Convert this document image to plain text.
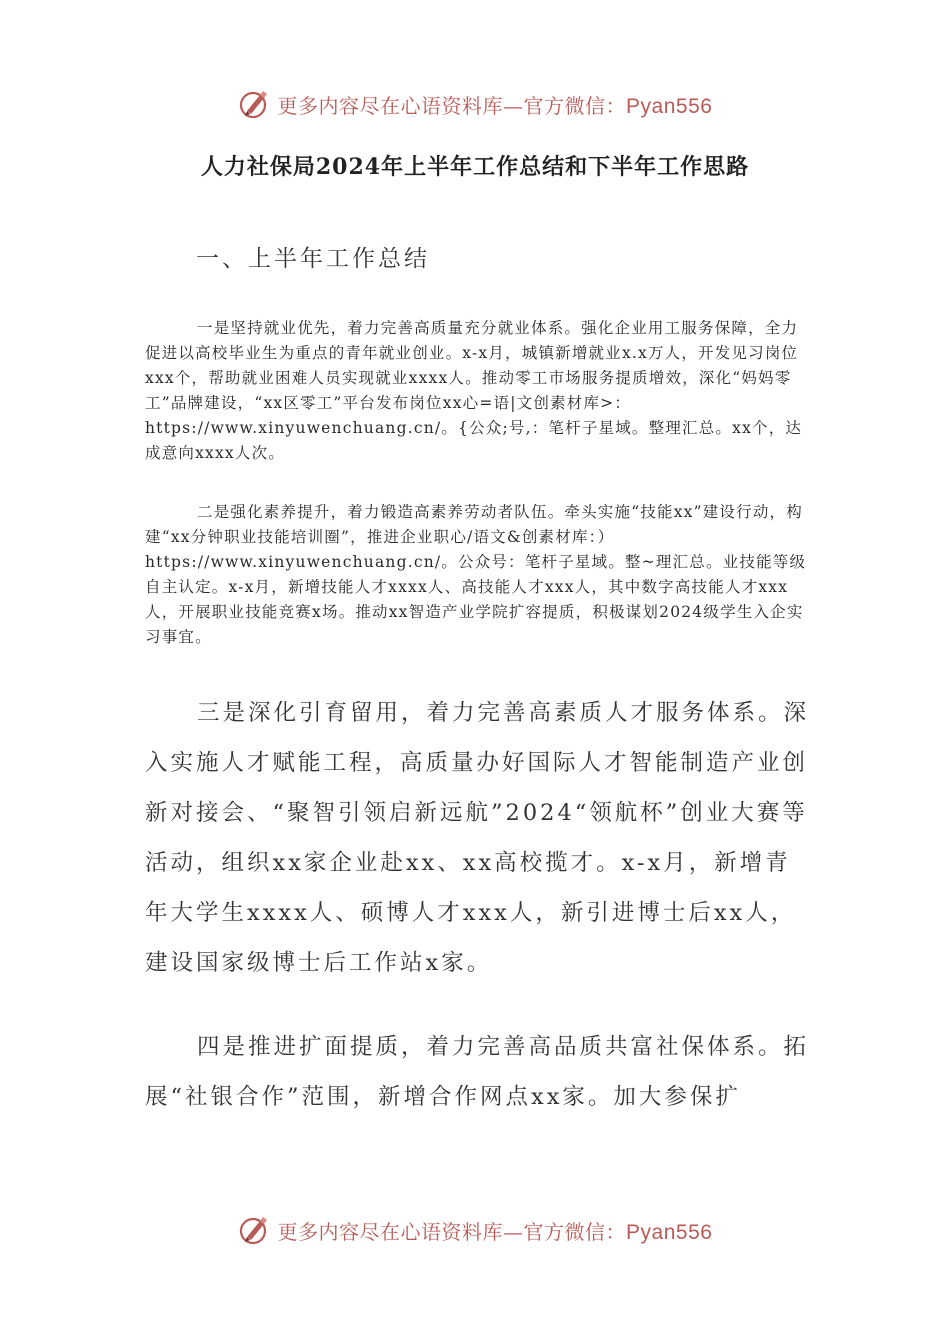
更多内容尽在心语资料库—官方微信：Pyan556
人力社保局2024年上半年工作总结和下半年工作思路
一、上半年工作总结

一是坚持就业优先，着力完善高质量充分就业体系。强化企业用工服务保障，全力促进以高校毕业生为重点的青年就业创业。x-x月，城镇新增就业x.x万人，开发见习岗位xxx个，帮助就业困难人员实现就业xxxx人。推动零工市场服务提质增效，深化“妈妈零工”品牌建设，“xx区零工”平台发布岗位xx心=语|文创素材库>：https://www.xinyuwenchuang.cn/。{公众;号,：笔杆子星域。整理汇总。xx个，达成意向xxxx人次。

二是强化素养提升，着力锻造高素养劳动者队伍。牵头实施“技能xx”建设行动，构建“xx分钟职业技能培训圈”，推进企业职心/语文&创素材库：）https://www.xinyuwenchuang.cn/。公众号：笔杆子星域。整~理汇总。业技能等级自主认定。x-x月，新增技能人才xxxx人、高技能人才xxx人，其中数字高技能人才xxx人，开展职业技能竞赛x场。推动xx智造产业学院扩容提质，积极谋划2024级学生入企实习事宜。

三是深化引育留用，着力完善高素质人才服务体系。深入实施人才赋能工程，高质量办好国际人才智能制造产业创新对接会、“聚智引领启新远航”2024“领航杯”创业大赛等活动，组织xx家企业赴xx、xx高校揽才。x-x月，新增青年大学生xxxx人、硕博人才xxx人，新引进博士后xx人，建设国家级博士后工作站x家。

四是推进扩面提质，着力完善高品质共富社保体系。拓展“社银合作”范围，新增合作网点xx家。加大参保扩

更多内容尽在心语资料库—官方微信：Pyan556
